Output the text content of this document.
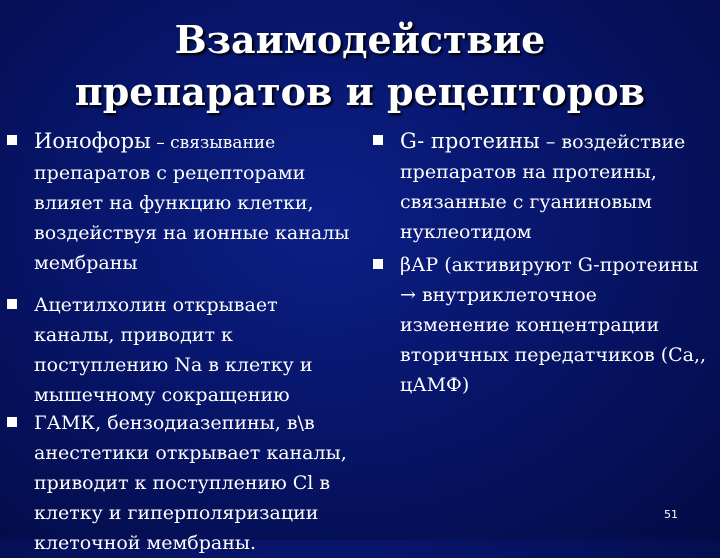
Взаимодействие препаратов и рецепторов
Ионофоры – связывание препаратов с рецепторами влияет на функцию клетки, воздействуя на ионные каналы мембраны
Ацетилхолин открывает каналы, приводит к поступлению Na в клетку и мышечному сокращению
ГАМК, бензодиазепины, в\в анестетики открывает каналы, приводит к поступлению Cl в клетку и гиперполяризации клеточной мембраны.
G- протеины – воздействие препаратов на протеины, связанные с гуаниновым нуклеотидом
βАР (активируют G-протеины → внутриклеточное изменение концентрации вторичных передатчиков (Ca,, цАМФ)
51
